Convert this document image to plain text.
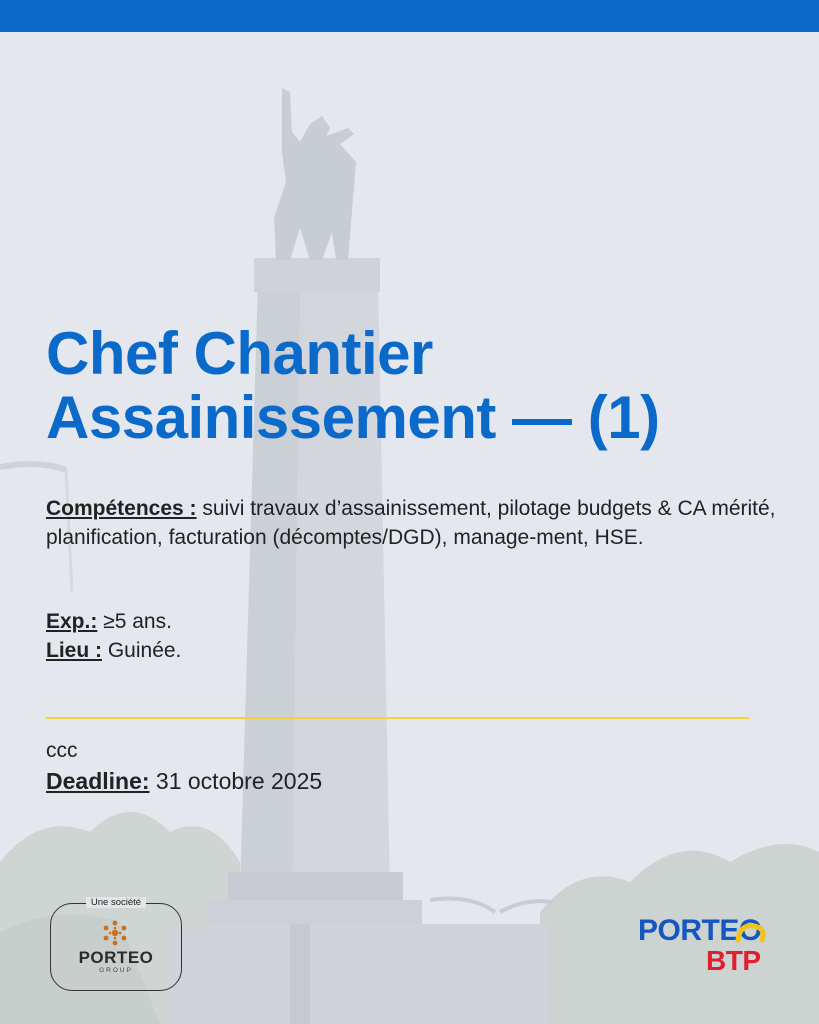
Chef Chantier
Assainissement — (1)
Compétences : suivi travaux d’assainissement, pilotage budgets & CA mérité, planification, facturation (décomptes/DGD), manage-ment, HSE.
Exp.: ≥5 ans.
Lieu : Guinée.
ccc
Deadline: 31 octobre 2025
Une société
PORTEO
GROUP
PORTEO
BTP
